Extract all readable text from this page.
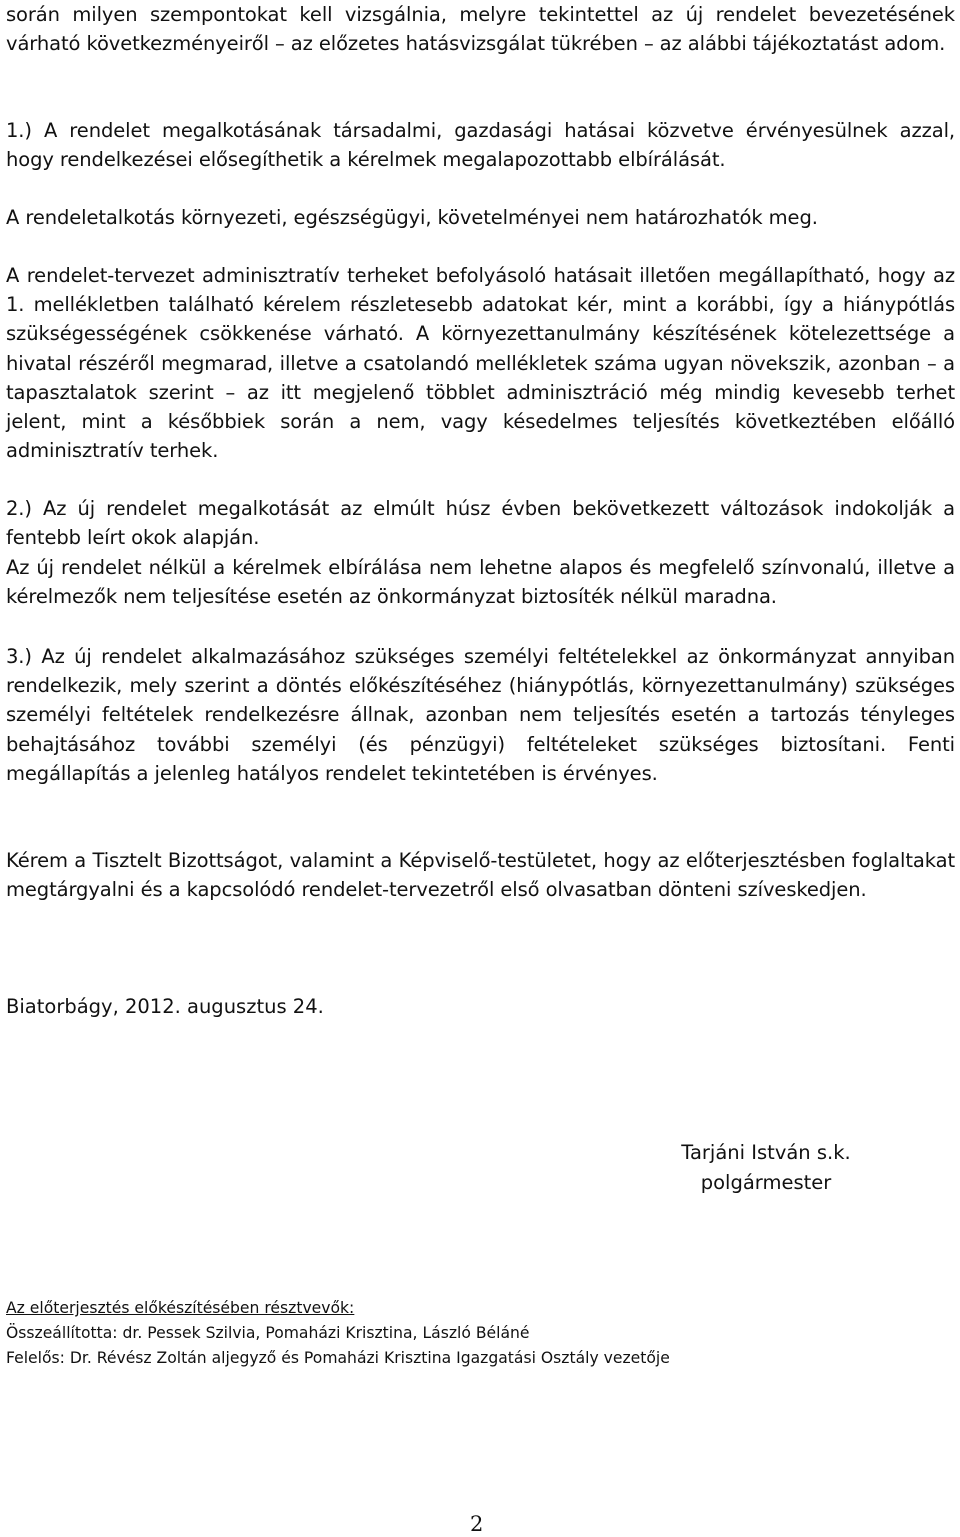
során milyen szempontokat kell vizsgálnia, melyre tekintettel az új rendelet bevezetésének várható következményeiről – az előzetes hatásvizsgálat tükrében – az alábbi tájékoztatást adom.

1.) A rendelet megalkotásának társadalmi, gazdasági hatásai közvetve érvényesülnek azzal, hogy rendelkezései elősegíthetik a kérelmek megalapozottabb elbírálását.

A rendeletalkotás környezeti, egészségügyi, követelményei nem határozhatók meg.

A rendelet-tervezet adminisztratív terheket befolyásoló hatásait illetően megállapítható, hogy az 1. mellékletben található kérelem részletesebb adatokat kér, mint a korábbi, így a hiánypótlás szükségességének csökkenése várható. A környezettanulmány készítésének kötelezettsége a hivatal részéről megmarad, illetve a csatolandó mellékletek száma ugyan növekszik, azonban – a tapasztalatok szerint – az itt megjelenő többlet adminisztráció még mindig kevesebb terhet jelent, mint a későbbiek során a nem, vagy késedelmes teljesítés következtében előálló adminisztratív terhek.

2.) Az új rendelet megalkotását az elmúlt húsz évben bekövetkezett változások indokolják a fentebb leírt okok alapján.

Az új rendelet nélkül a kérelmek elbírálása nem lehetne alapos és megfelelő színvonalú, illetve a kérelmezők nem teljesítése esetén az önkormányzat biztosíték nélkül maradna.

3.) Az új rendelet alkalmazásához szükséges személyi feltételekkel az önkormányzat annyiban rendelkezik, mely szerint a döntés előkészítéséhez (hiánypótlás, környezettanulmány) szükséges személyi feltételek rendelkezésre állnak, azonban nem teljesítés esetén a tartozás tényleges behajtásához további személyi (és pénzügyi) feltételeket szükséges biztosítani. Fenti megállapítás a jelenleg hatályos rendelet tekintetében is érvényes.

Kérem a Tisztelt Bizottságot, valamint a Képviselő-testületet, hogy az előterjesztésben foglaltakat megtárgyalni és a kapcsolódó rendelet-tervezetről első olvasatban dönteni szíveskedjen.

Biatorbágy, 2012. augusztus 24.

Tarjáni István s.k.
polgármester
Az előterjesztés előkészítésében résztvevők:
Összeállította: dr. Pessek Szilvia, Pomaházi Krisztina, László Béláné
Felelős: Dr. Révész Zoltán aljegyző és Pomaházi Krisztina Igazgatási Osztály vezetője
2
